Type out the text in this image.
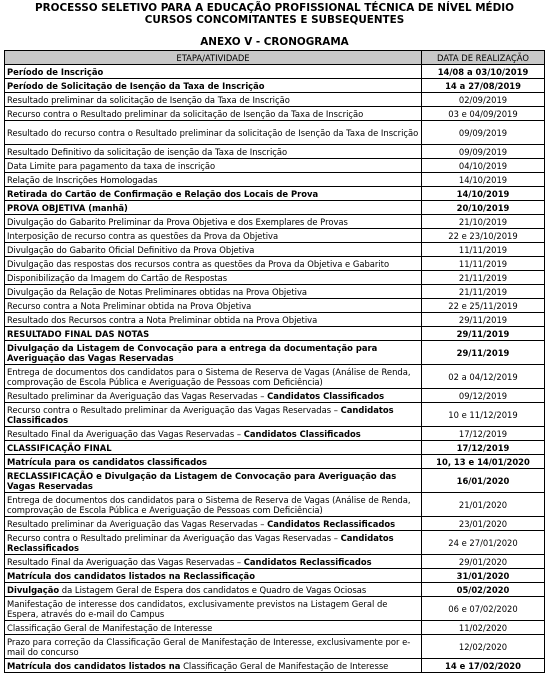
PROCESSO SELETIVO PARA A EDUCAÇÃO PROFISSIONAL TÉCNICA DE NÍVEL MÉDIO
CURSOS CONCOMITANTES E SUBSEQUENTES
ANEXO V - CRONOGRAMA
ETAPA/ATIVIDADE	DATA DE REALIZAÇÃO
Período de Inscrição	14/08 a 03/10/2019
Período de Solicitação de Isenção da Taxa de Inscrição	14 a 27/08/2019
Resultado preliminar da solicitação de Isenção da Taxa de Inscrição	02/09/2019
Recurso contra o Resultado preliminar da solicitação de Isenção da Taxa de Inscrição	03 e 04/09/2019
Resultado do recurso contra o Resultado preliminar da solicitação de Isenção da Taxa de Inscrição	09/09/2019
Resultado Definitivo da solicitação de isenção da Taxa de Inscrição	09/09/2019
Data Limite para pagamento da taxa de inscrição	04/10/2019
Relação de Inscrições Homologadas	14/10/2019
Retirada do Cartão de Confirmação e Relação dos Locais de Prova	14/10/2019
PROVA OBJETIVA (manhã)	20/10/2019
Divulgação do Gabarito Preliminar da Prova Objetiva e dos Exemplares de Provas	21/10/2019
Interposição de recurso contra as questões da Prova da Objetiva	22 e 23/10/2019
Divulgação do Gabarito Oficial Definitivo da Prova Objetiva	11/11/2019
Divulgação das respostas dos recursos contra as questões da Prova da Objetiva e Gabarito	11/11/2019
Disponibilização da Imagem do Cartão de Respostas	21/11/2019
Divulgação da Relação de Notas Preliminares obtidas na Prova Objetiva	21/11/2019
Recurso contra a Nota Preliminar obtida na Prova Objetiva	22 e 25/11/2019
Resultado dos Recursos contra a Nota Preliminar obtida na Prova Objetiva	29/11/2019
RESULTADO FINAL DAS NOTAS	29/11/2019
Divulgação da Listagem de Convocação para a entrega da documentação para Averiguação das Vagas Reservadas	29/11/2019
Entrega de documentos dos candidatos para o Sistema de Reserva de Vagas (Análise de Renda, comprovação de Escola Pública e Averiguação de Pessoas com Deficiência)	02 a 04/12/2019
Resultado preliminar da Averiguação das Vagas Reservadas – Candidatos Classificados	09/12/2019
Recurso contra o Resultado preliminar da Averiguação das Vagas Reservadas – Candidatos Classificados	10 e 11/12/2019
Resultado Final da Averiguação das Vagas Reservadas – Candidatos Classificados	17/12/2019
CLASSIFICAÇÃO FINAL	17/12/2019
Matrícula para os candidatos classificados	10, 13 e 14/01/2020
RECLASSIFICAÇÃO e Divulgação da Listagem de Convocação para Averiguação das Vagas Reservadas	16/01/2020
Entrega de documentos dos candidatos para o Sistema de Reserva de Vagas (Análise de Renda, comprovação de Escola Pública e Averiguação de Pessoas com Deficiência)	21/01/2020
Resultado preliminar da Averiguação das Vagas Reservadas – Candidatos Reclassificados	23/01/2020
Recurso contra o Resultado preliminar da Averiguação das Vagas Reservadas – Candidatos Reclassificados	24 e 27/01/2020
Resultado Final da Averiguação das Vagas Reservadas – Candidatos Reclassificados	29/01/2020
Matrícula dos candidatos listados na Reclassificação	31/01/2020
Divulgação da Listagem Geral de Espera dos candidatos e Quadro de Vagas Ociosas	05/02/2020
Manifestação de interesse dos candidatos, exclusivamente previstos na Listagem Geral de Espera, através do e-mail do Campus	06 e 07/02/2020
Classificação Geral de Manifestação de Interesse	11/02/2020
Prazo para correção da Classificação Geral de Manifestação de Interesse, exclusivamente por e-mail do concurso	12/02/2020
Matrícula dos candidatos listados na Classificação Geral de Manifestação de Interesse	14 e 17/02/2020
